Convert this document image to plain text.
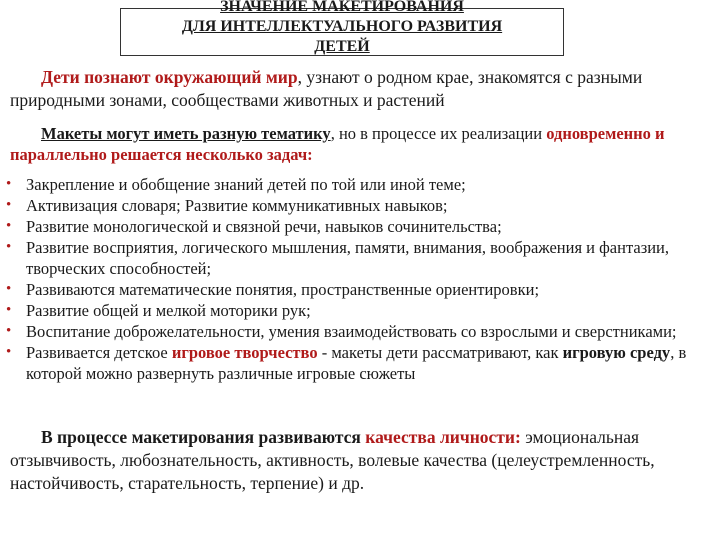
ЗНАЧЕНИЕ МАКЕТИРОВАНИЯ
ДЛЯ ИНТЕЛЛЕКТУАЛЬНОГО РАЗВИТИЯ
ДЕТЕЙ
Дети познают окружающий мир, узнают о родном крае, знакомятся с разными природными зонами, сообществами животных и растений
Макеты могут иметь разную тематику, но в процессе их реализации одновременно и параллельно решается несколько задач:
• Закрепление и обобщение знаний детей по той или иной теме;
• Активизация словаря; Развитие коммуникативных навыков;
• Развитие монологической и связной речи, навыков сочинительства;
• Развитие восприятия, логического мышления, памяти, внимания, воображения и фантазии, творческих способностей;
• Развиваются математические понятия, пространственные ориентировки;
• Развитие общей и мелкой моторики рук;
• Воспитание доброжелательности, умения взаимодействовать со взрослыми и сверстниками;
• Развивается детское игровое творчество - макеты дети рассматривают, как игровую среду, в которой можно развернуть различные игровые сюжеты
В процессе макетирования развиваются качества личности: эмоциональная отзывчивость, любознательность, активность, волевые качества (целеустремленность, настойчивость, старательность, терпение) и др.
